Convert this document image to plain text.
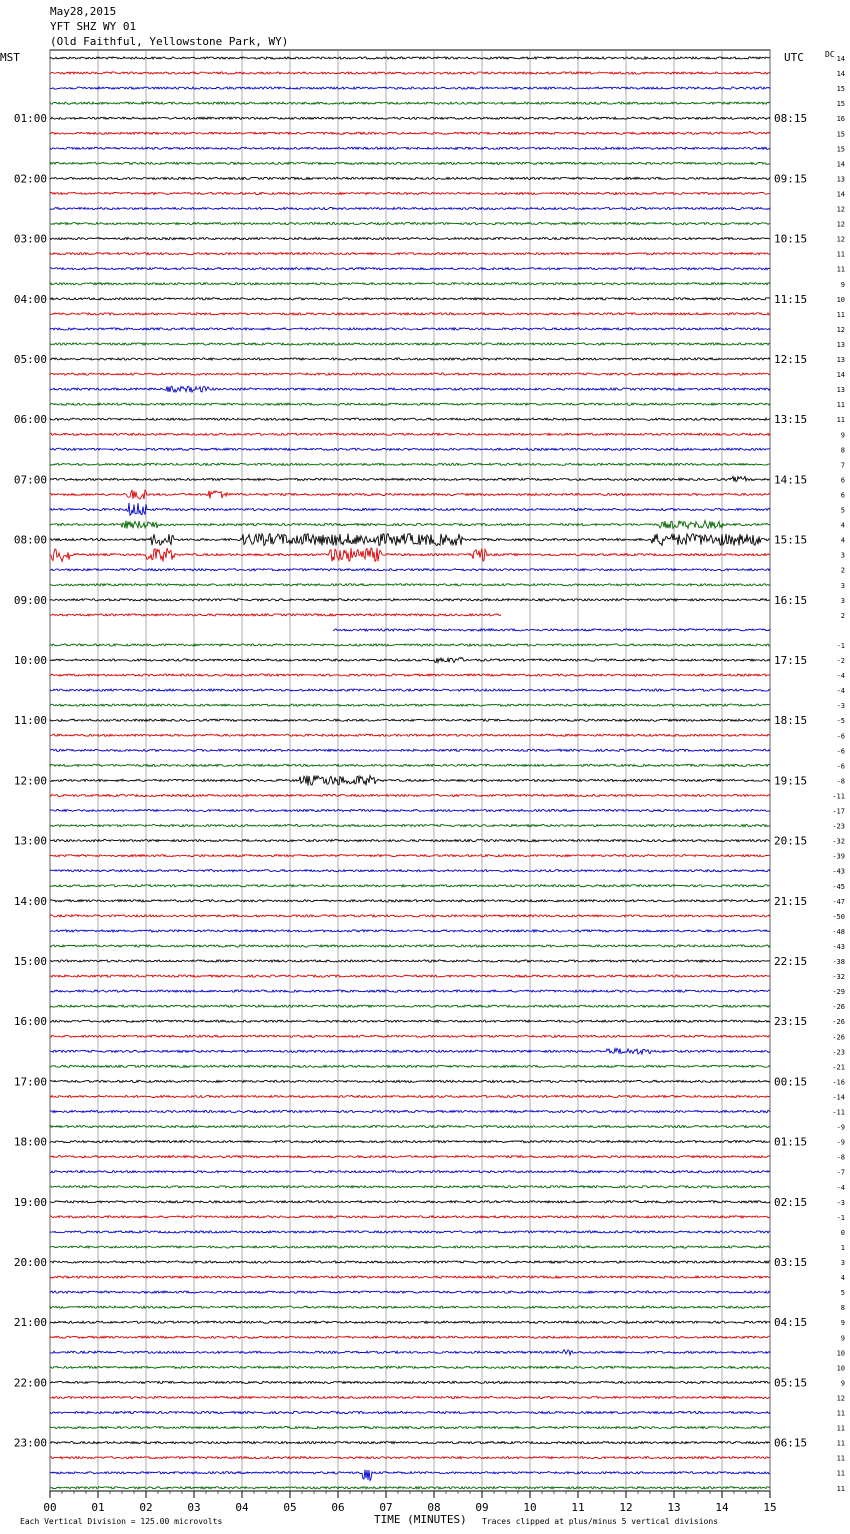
May28,2015
YFT SHZ WY 01
(Old Faithful, Yellowstone Park, WY)
MST	UTC	DC
00	01	02	03	04	05	06	07	08	09	10	11	12	13	14	15
14
14
15
15
16
15
15
14
13
14
12
12
12
11
11
9
10
11
12
13
13
14
13
11
11
9
8
7
6
6
5
4
4
3
2
3
3
2
-1
-2
-4
-4
-3
-5
-6
-6
-6
-8
-11
-17
-23
-32
-39
-43
-45
-47
-50
-48
-43
-38
-32
-29
-26
-26
-26
-23
-21
-16
-14
-11
-9
-9
-8
-7
-4
-3
-1
0
1
3
4
5
8
9
9
10
10
9
12
11
11
11
11
11
11
01:00	08:15
02:00	09:15
03:00	10:15
04:00	11:15
05:00	12:15
06:00	13:15
07:00	14:15
08:00	15:15
09:00	16:15
10:00	17:15
11:00	18:15
12:00	19:15
13:00	20:15
14:00	21:15
15:00	22:15
16:00	23:15
17:00	00:15
18:00	01:15
19:00	02:15
20:00	03:15
21:00	04:15
22:00	05:15
23:00	06:15
TIME (MINUTES)
Each Vertical Division = 125.00 microvolts	Traces clipped at plus/minus 5 vertical divisions
